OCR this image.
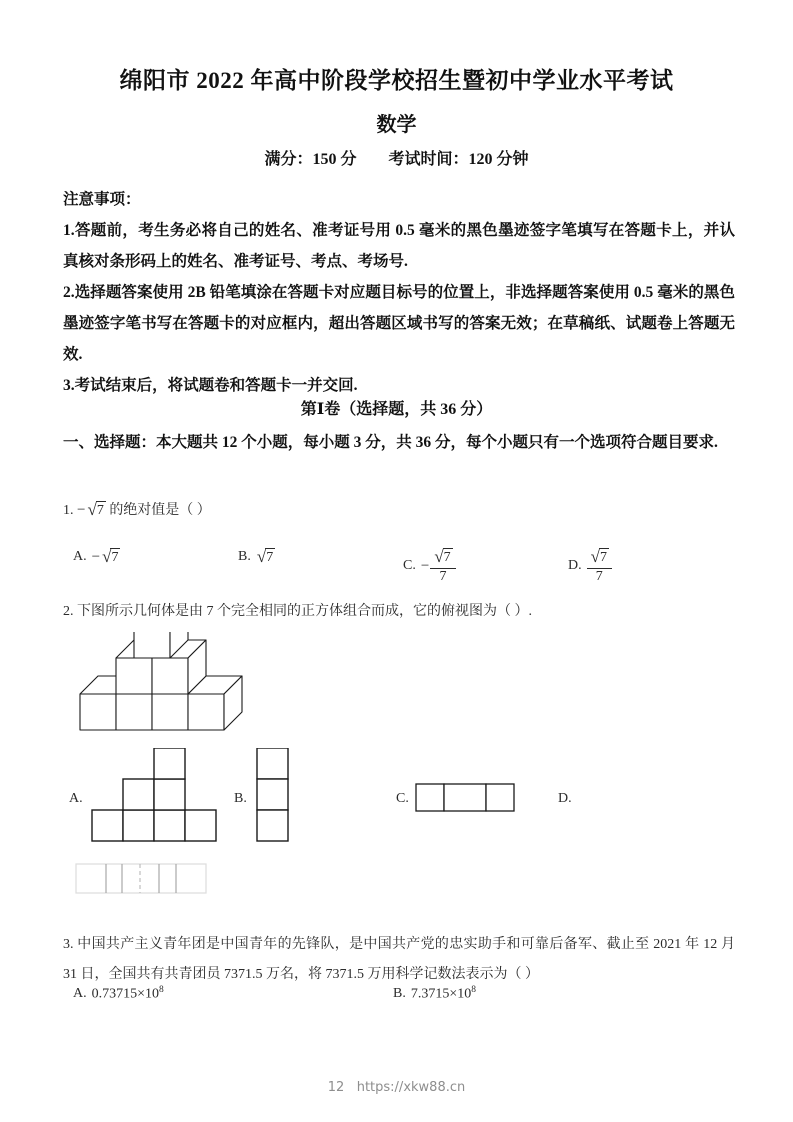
绵阳市 2022 年高中阶段学校招生暨初中学业水平考试
数学
满分：150 分 考试时间：120 分钟

注意事项：

1.答题前，考生务必将自己的姓名、准考证号用 0.5 毫米的黑色墨迹签字笔填写在答题卡上，并认真核对条形码上的姓名、准考证号、考点、考场号.

2.选择题答案使用 2B 铅笔填涂在答题卡对应题目标号的位置上，非选择题答案使用 0.5 毫米的黑色墨迹签字笔书写在答题卡的对应框内，超出答题区域书写的答案无效；在草稿纸、试题卷上答题无效.

3.考试结束后，将试题卷和答题卡一并交回.

第Ⅰ卷（选择题，共 36 分）
一、选择题：本大题共 12 个小题，每小题 3 分，共 36 分，每个小题只有一个选项符合题目要求.
1. − √ 7 的绝对值是（ ）
A. − √ 7	B. √ 7
C. − $\frac{√ 7}{7}$	D. $\frac{√ 7}{7}$
2. 下图所示几何体是由 7 个完全相同的正方体组合而成，它的俯视图为（ ）.
A.	B.	C.	D.
3. 中国共产主义青年团是中国青年的先锋队，是中国共产党的忠实助手和可靠后备军、截止至 2021 年 12 月 31 日，全国共有共青团员 7371.5 万名，将 7371.5 万用科学记数法表示为（ ）
A. $0.73715\times 10^8$	B. $7.3715\times 10^8$
12 https://xkw88.cn
